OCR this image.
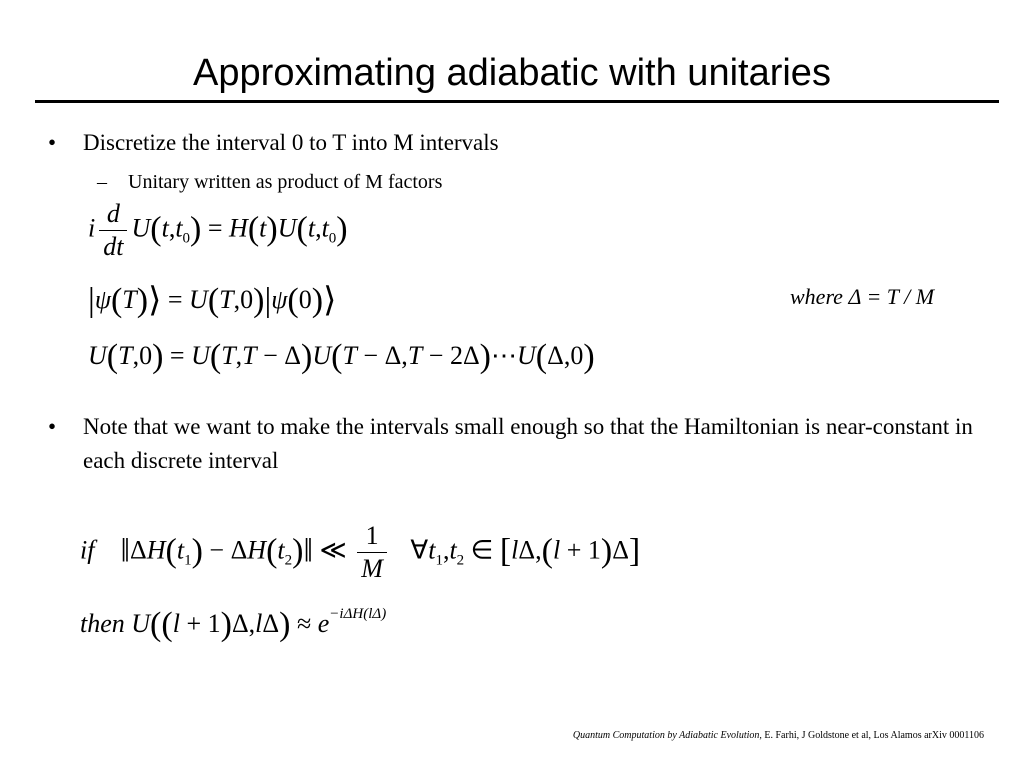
Approximating adiabatic with unitaries
• Discretize the interval 0 to T into M intervals
– Unitary written as product of M factors
i $\frac{d}{dt} U(t,t_0) = H(t)U(t,t_0)$
|ψ(T)⟩ = U(T,0)|ψ(0)⟩	where Δ = T / M
U(T,0) = U(T,T − Δ)U(T − Δ,T − 2Δ)⋯U(Δ,0)
• Note that we want to make the intervals small enough so that the Hamiltonian is near-constant in each discrete interval
if $‖\Delta H(t_1)$ − $\Delta H(t_2)‖$ ≪ $\frac{1}{M}$ $\forall t_1,t_2$ ∈ [lΔ,(l + 1)Δ]
then $U((l + 1)\Delta,l\Delta) \approx e^{-i\Delta H(l\Delta)}$
Quantum Computation by Adiabatic Evolution, E. Farhi, J Goldstone et al, Los Alamos arXiv 0001106
